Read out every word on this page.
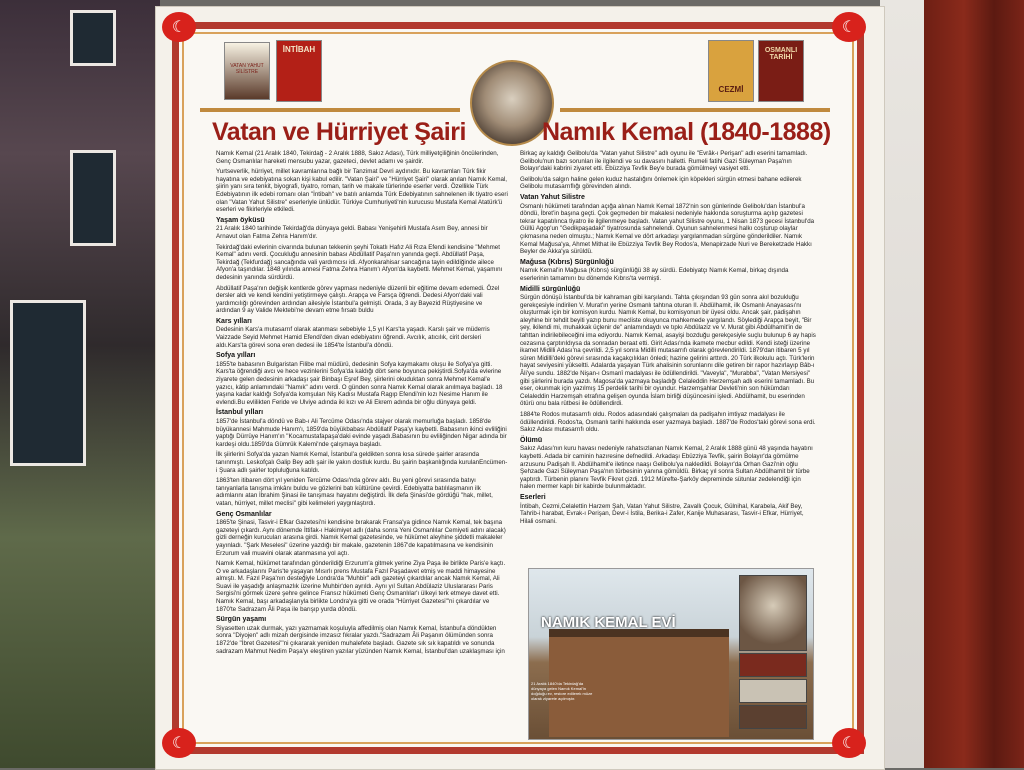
☾	☾
☾	☾
VATAN YAHUT SİLİSTRE
İNTİBAH
CEZMİ
OSMANLI TARİHİ
Vatan ve Hürriyet Şairi	Namık Kemal (1840-1888)

Namık Kemal (21 Aralık 1840, Tekirdağ - 2 Aralık 1888, Sakız Adası), Türk milliyetçiliğinin öncülerinden, Genç Osmanlılar hareketi mensubu yazar, gazeteci, devlet adamı ve şairdir.

Yurtseverlik, hürriyet, millet kavramlarına bağlı bir Tanzimat Devri aydınıdır. Bu kavramları Türk fikir hayatına ve edebiyatına sokan kişi kabul edilir. "Vatan Şairi" ve "Hürriyet Şairi" olarak anılan Namık Kemal, şiirin yanı sıra tenkit, biyografi, tiyatro, roman, tarih ve makale türlerinde eserler verdi. Özellikle Türk Edebiyatının ilk edebi romanı olan "İntibah" ve batılı anlamda Türk Edebiyatının sahnelenen ilk tiyatro eseri olan "Vatan Yahut Silistre" eserleriyle ünlüdür. Türkiye Cumhuriyeti'nin kurucusu Mustafa Kemal Atatürk'ü eserleri ve fikirleriyle etkiledi.

Yaşam öyküsü

21 Aralık 1840 tarihinde Tekirdağ'da dünyaya geldi. Babası Yenişehirli Mustafa Asım Bey, annesi bir Arnavut olan Fatma Zehra Hanım'dır.

Tekirdağ'daki evlerinin civarında bulunan tekkenin şeyhi Tokatlı Hafız Ali Rıza Efendi kendisine "Mehmet Kemal" adını verdi. Çocukluğu annesinin babası Abdüllatif Paşa'nın yanında geçti. Abdüllatif Paşa, Tekirdağ (Tekfurdağ) sancağında vali yardımcısı idi. Afyonkarahisar sancağına tayin edildiğinde ailece Afyon'a taşındılar. 1848 yılında annesi Fatma Zehra Hanım'ı Afyon'da kaybetti. Mehmet Kemal, yaşamını dedesinin yanında sürdürdü.

Abdüllatif Paşa'nın değişik kentlerde görev yapması nedeniyle düzenli bir eğitime devam edemedi. Özel dersler aldı ve kendi kendini yetiştirmeye çalıştı. Arapça ve Farsça öğrendi. Dedesi Afyon'daki vali yardımcılığı görevinden ardından ailesiyle İstanbul'a gelmişti. Orada, 3 ay Bayezid Rüştiyesine ve ardından 9 ay Valide Mektebi'ne devam etme fırsatı buldu

Kars yılları

Dedesinin Kars'a mutasarrıf olarak atanması sebebiyle 1,5 yıl Kars'ta yaşadı. Karslı şair ve müderris Vaizzade Seyid Mehmet Hamid Efendi'den divan edebiyatını öğrendi. Avcılık, atıcılık, cirit dersleri aldı.Kars'ta görevi sona eren dedesi ile 1854'te İstanbul'a döndü.

Sofya yılları

1855'te babasının Bulgaristan Filibe mal müdürü, dedesinin Sofya kaymakamı oluşu ile Sofya'ya gitti. Kars'ta öğrendiği avcı ve hece vezinlerini Sofya'da kaldığı dört sene boyunca pekiştirdi.Sofya'da evlerine ziyarete gelen dedesinin arkadaşı şair Binbaşı Eşref Bey, şiirlerini okuduktan sonra Mehmet Kemal'e yazıcı, kâtip anlamındaki "Namık" adını verdi. O günden sonra Namık Kemal olarak anılmaya başladı. 18 yaşına kadar kaldığı Sofya'da komşuları Niş Kadısı Mustafa Ragıp Efendi'nin kızı Nesime Hanım ile evlendi.Bu evlilikten Feride ve Ulviye adında iki kızı ve Ali Ekrem adında bir oğlu dünyaya geldi.

İstanbul yılları

1857'de İstanbul'a döndü ve Bab-ı Ali Tercüme Odası'nda stajyer olarak memurluğa başladı. 1858'de büyükannesi Mahmude Hanım'ı, 1859'da büyükbabası Abdüllatif Paşa'yı kaybetti. Babasının ikinci evliliğini yaptığı Dürrüye Hanım'ın "Kocamustafapaşa'daki evinde yaşadı.Babasının bu evliliğinden Nigar adında bir kardeşi oldu.1859'da Gümrük Kalemi'nde çalışmaya başladı.

İlk şiirlerini Sofya'da yazan Namık Kemal, İstanbul'a geldikten sonra kısa sürede şairler arasında tanınmıştı. Leskofçalı Galip Bey adlı şair ile yakın dostluk kurdu. Bu şairin başkanlığında kurulanEncümen-i Şuara adlı şairler topluluğuna katıldı.

1863'ten itibaren dört yıl yeniden Tercüme Odası'nda görev aldı. Bu yeni görevi sırasında batıyı tanıyanlarla tanışma imkânı buldu ve gözlerini batı kültürüne çevirdi. Edebiyatta batılılaşmanın ilk adımlarını atan İbrahim Şinasi ile tanışması hayatını değiştirdi. İlk defa Şinasi'de gördüğü "hak, millet, vatan, hürriyet, millet meclisi" gibi kelimeleri yaygınlaştırdı.

Genç Osmanlılar

1865'te Şinasi, Tasvir-i Efkar Gazetesi'ni kendisine bırakarak Fransa'ya gidince Namık Kemal, tek başına gazeteyi çıkardı. Aynı dönemde İttifak-ı Hakimiyet adlı (daha sonra Yeni Osmanlılar Cemiyeti adını alacak) gizli derneğin kurucuları arasına girdi. Namık Kemal gazetesinde, ve hükümet aleyhine şiddetli makaleler yayınladı. "Şark Meselesi" üzerine yazdığı bir makale, gazetenin 1867'de kapatılmasına ve kendisinin Erzurum vali muavini olarak atanmasına yol açtı.

Namık Kemal, hükümet tarafından gönderildiği Erzurum'a gitmek yerine Ziya Paşa ile birlikte Paris'e kaçtı. O ve arkadaşlarını Paris'te yaşayan Mısırlı prens Mustafa Fazıl Paşadavet etmiş ve maddi himayesine almıştı. M. Fazıl Paşa'nın desteğiyle Londra'da "Muhbir" adlı gazeteyi çıkardılar ancak Namık Kemal, Ali Suavi ile yaşadığı anlaşmazlık üzerine Muhbir'den ayrıldı. Aynı yıl Sultan Abdülaziz Uluslararası Paris Sergisi'ni görmek üzere şehre gelince Fransız hükümeti Genç Osmanlılar'ı ülkeyi terk etmeye davet etti. Namık Kemal, başı arkadaşlarıyla birlikte Londra'ya gitti ve orada "Hürriyet Gazetesi"'ni çıkardılar ve 1870'te Sadrazam Âli Paşa ile barışıp yurda döndü.

Sürgün yaşamı

Siyasetten uzak durmak, yazı yazmamak koşuluyla affedilmiş olan Namık Kemal, İstanbul'a döndükten sonra "Diyojen" adlı mizah dergisinde imzasız fıkralar yazdı."Sadrazam Âli Paşanın ölümünden sonra 1872'de "İbret Gazetesi"'ni çıkararak yeniden muhalefete başladı. Gazete sık sık kapatıldı ve sonunda sadrazam Mahmut Nedim Paşa'yı eleştiren yazılar yüzünden Namık Kemal, İstanbul'dan uzaklaşması için

Birkaç ay kaldığı Gelibolu'da "Vatan yahut Silistre" adlı oyunu ile "Evrâk-ı Perişan" adlı eserini tamamladı. Gelibolu'nun bazı sorunları ile ilgilendi ve su davasını halletti. Rumeli fatihi Gazi Süleyman Paşa'nın Bolayır'daki kabrini ziyaret etti. Ebüzziya Tevfik Bey'e burada gömülmeyi vasiyet etti.

Gelibolu'da salgın haline gelen kuduz hastalığını önlemek için köpekleri sürgün etmesi bahane edilerek Gelibolu mutasarrıflığı görevinden alındı.

Vatan Yahut Silistre

Osmanlı hükümeti tarafından açığa alınan Namık Kemal 1872'nin son günlerinde Gelibolu'dan İstanbul'a döndü, İbret'in başına geçti. Çok geçmeden bir makalesi nedeniyle hakkında soruşturma açılıp gazetesi tekrar kapatılınca tiyatro ile ilgilenmeye başladı. Vatan yahut Silistre oyunu, 1 Nisan 1873 gecesi İstanbul'da Güllü Agop'un "Gedikpaşadaki" tiyatrosunda sahnelendi. Oyunun sahnelenmesi halkı coşturup olaylar çıkmasına neden olmuştu.; Namık Kemal ve dört arkadaşı yargılanmadan sürgüne gönderildiler. Namık Kemal Mağusa'ya, Ahmet Mithat ile Ebüzziya Tevfik Bey Rodos'a, Menapirzade Nuri ve Bereketzade Hakkı Beyler de Akka'ya sürüldü.

Mağusa (Kıbrıs) Sürgünlüğü

Namık Kemal'in Mağusa (Kıbrıs) sürgünlüğü 38 ay sürdü. Edebiyatçı Namık Kemal, birkaç dışında eserlerinin tamamını bu dönemde Kıbrıs'ta vermişti.

Midilli sürgünlüğü

Sürgün dönüşü İstanbul'da bir kahraman gibi karşılandı. Tahta çıkışından 93 gün sonra akıl bozukluğu gerekçesiyle indirilen V. Murat'ın yerine Osmanlı tahtına oturan II. Abdülhamit, ilk Osmanlı Anayasası'nı oluşturmak için bir komisyon kurdu. Namık Kemal, bu komisyonun bir üyesi oldu. Ancak şair, padişahın aleyhine bir tehdit beyiti yazıp bunu mecliste okuyunca mahkemede yargılandı. Söylediği Arapça beyit, "Bir şey, ikilendi mi, muhakkak üçlenir de" anlamındaydı ve tıpkı Abdülaziz ve V. Murat gibi Abdülhamit'in de tahttan indirilebileceğini ima ediyordu. Namık Kemal, asayişi bozduğu gerekçesiyle suçlu bulunup 6 ay hapis cezasına çarptırıldıysa da sonradan beraat etti. Girit Adası'nda ikamete mecbur edildi. Kendi isteği üzerine ikamet Midilli Adası'na çevrildi. 2,5 yıl sonra Midilli mutasarrıfı olarak görevlendirildi. 1879'dan itibaren 5 yıl süren Midilli'deki görevi sırasında kaçakçılıkları önledi; hazine gelirini arttırdı. 20 Türk ilkokulu açtı. Türk'lerin hayat seviyesini yükseltti. Adalarda yaşayan Türk ahalisinin sorunlarını dile getiren bir rapor hazırlayıp Bâb-ı Âli'ye sundu. 1882'de Nişan-ı Osmanî madalyası ile ödüllendirildi. "Vaveyla", "Murabba", "Vatan Mersiyesi" gibi şiirlerini burada yazdı. Magosa'da yazmaya başladığı Celaleddin Herzemşah adlı eserini tamamladı. Bu eser, okunmak için yazılmış 15 perdelik tarihi bir oyundur. Harzemşahlar Devleti'nin son hükümdarı Celaleddin Harzemşah etrafına gelişen oyunda İslam birliği düşüncesini işledi. Abdülhamit, bu eserinden ötürü onu bala rütbesi ile ödüllendirdi.

1884'te Rodos mutasarrıfı oldu. Rodos adasındaki çalışmaları da padişahın imtiyaz madalyası ile ödüllendirildi. Rodos'ta, Osmanlı tarihi hakkında eser yazmaya başladı. 1887'de Rodos'taki görevi sona erdi. Sakız Adası mutasarrıfı oldu.

Ölümü

Sakız Adası'nın kuru havası nedeniyle rahatsızlanan Namık Kemal, 2 Aralık 1888 günü 48 yaşında hayatını kaybetti. Adada bir caminin hazıresine defnedildi. Arkadaşı Ebüzziya Tevfik, şairin Bolayır'da gömülme arzusunu Padişah II. Abdülhamit'e iletince naaşı Gelibolu'ya nakledildi. Bolayır'da Orhan Gazi'nin oğlu Şehzade Gazi Süleyman Paşa'nın türbesinin yanına gömüldü. Birkaç yıl sonra Sultan Abdülhamit bir türbe yaptırdı. Türbenin planını Tevfik Fikret çizdi. 1912 Mürefte-Şarköy depreminde sütunlar zedelendiği için halen mermer kaplı bir kabirde bulunmaktadır.

Eserleri

İntibah, Cezmi,Celalettin Harzem Şah, Vatan Yahut Silistre, Zavallı Çocuk, Gülnihal, Karabela, Akif Bey, Tahrib-i harabat, Evrak-ı Perişan, Devr-i İstila, Berika-i Zafer, Kanije Muhasarası, Tasvir-i Efkar, Hürriyet, Hilali osmani.

NAMIK KEMAL EVİ
21 Aralık 1840'da Tekirdağ'da dünyaya gelen Namık Kemal'in doğduğu ev, restore edilerek müze olarak ziyarete açılmıştır.
